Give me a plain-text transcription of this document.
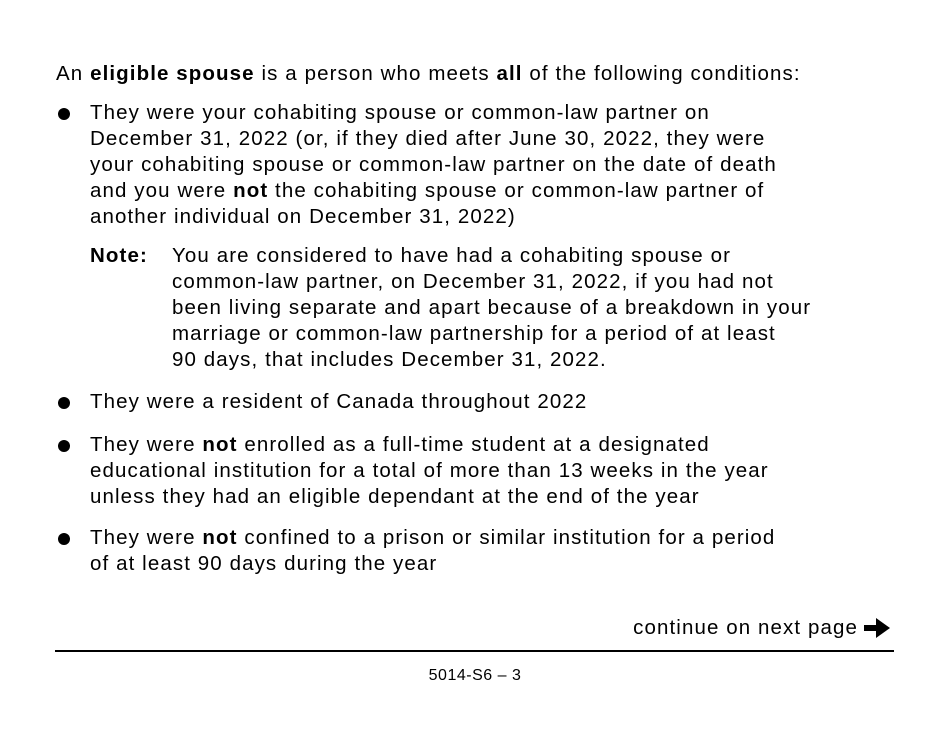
An eligible spouse is a person who meets all of the following conditions:
They were your cohabiting spouse or common-law partner on
December 31, 2022 (or, if they died after June 30, 2022, they were
your cohabiting spouse or common-law partner on the date of death
and you were not the cohabiting spouse or common-law partner of
another individual on December 31, 2022)
Note: You are considered to have had a cohabiting spouse or
common-law partner, on December 31, 2022, if you had not
been living separate and apart because of a breakdown in your
marriage or common-law partnership for a period of at least
90 days, that includes December 31, 2022.
They were a resident of Canada throughout 2022
They were not enrolled as a full-time student at a designated
educational institution for a total of more than 13 weeks in the year
unless they had an eligible dependant at the end of the year
They were not confined to a prison or similar institution for a period
of at least 90 days during the year
continue on next page
5014-S6 – 3
